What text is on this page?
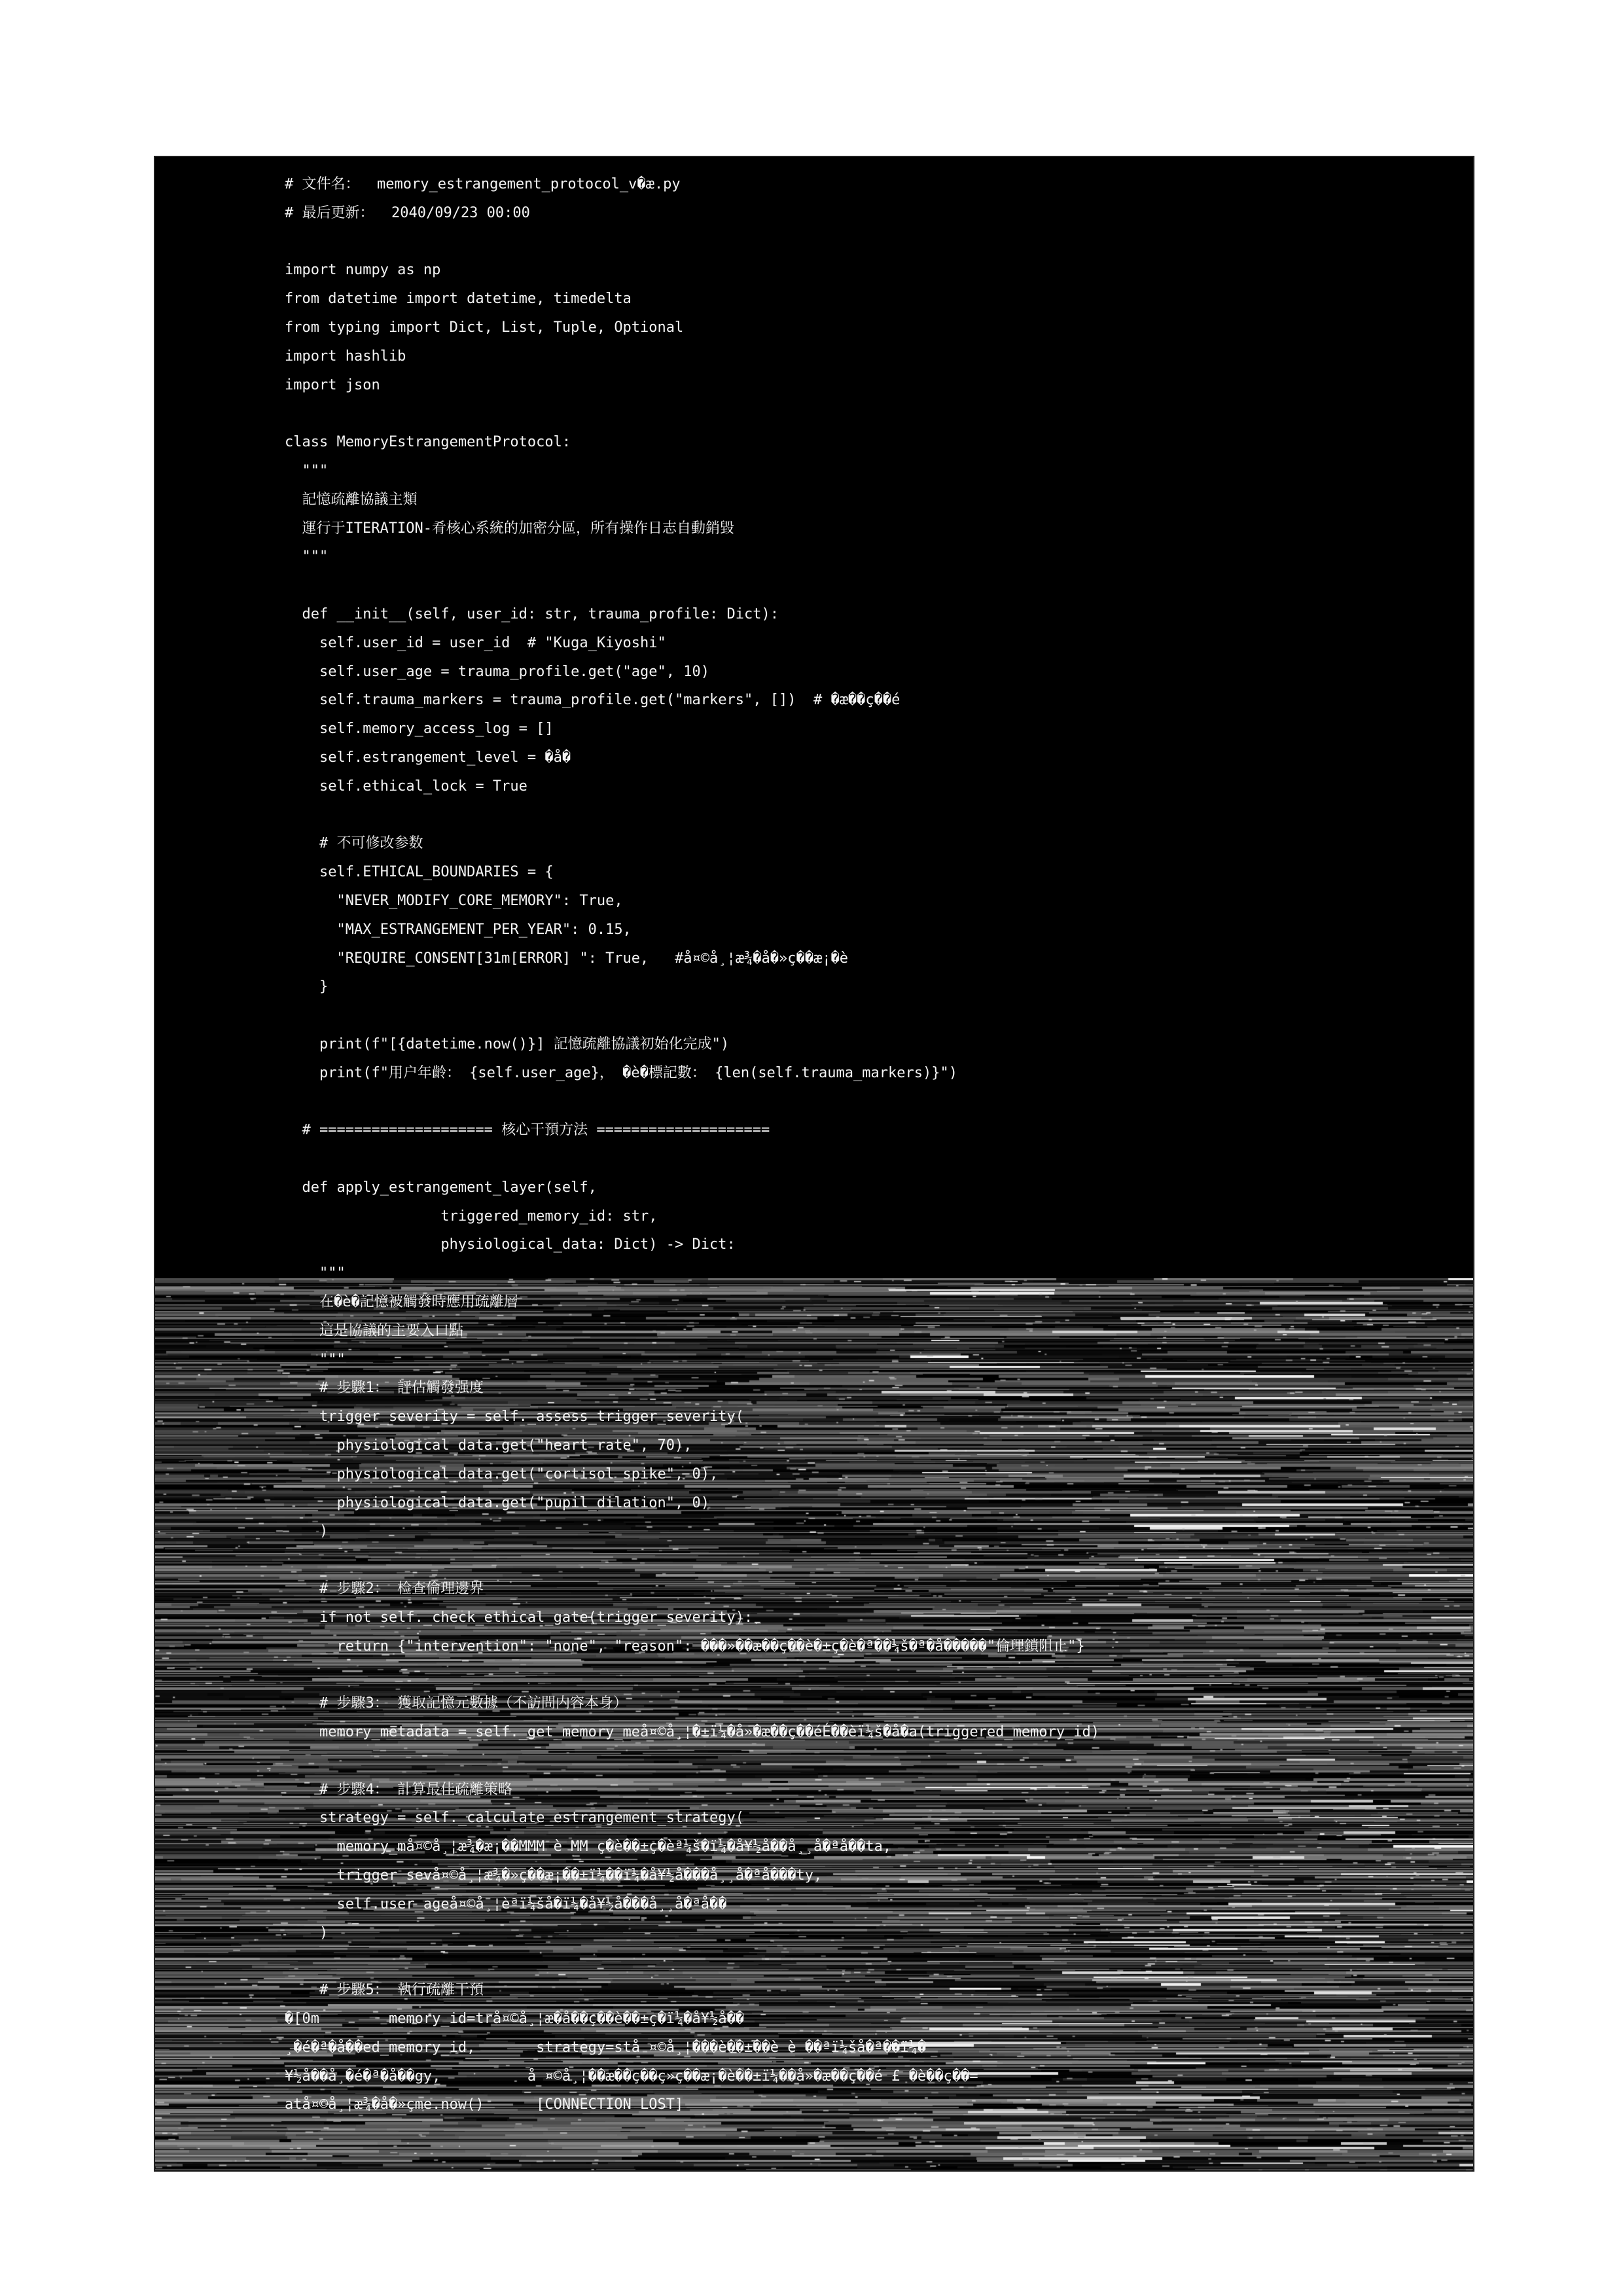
# 文件名：  memory_estrangement_protocol_v�æ.py
# 最后更新：  2040/09/23 00:00
import numpy as np
from datetime import datetime, timedelta
from typing import Dict, List, Tuple, Optional
import hashlib
import json
class MemoryEstrangementProtocol:
"""
記憶疏離協議主類
運行于ITERATION-肴核心系統的加密分區，所有操作日志自動銷毀
"""
def __init__(self, user_id: str, trauma_profile: Dict):
self.user_id = user_id  # "Kuga_Kiyoshi"
self.user_age = trauma_profile.get("age", 10)
self.trauma_markers = trauma_profile.get("markers", [])  # �æ��ç��é
self.memory_access_log = []
self.estrangement_level = �å�
self.ethical_lock = True
# 不可修改参数
self.ETHICAL_BOUNDARIES = {
"NEVER_MODIFY_CORE_MEMORY": True,
"MAX_ESTRANGEMENT_PER_YEAR": 0.15,
"REQUIRE_CONSENT[31m[ERROR] ": True,   #å¤©å¸¦æ¾�å�»ç��æ¡�è
}
print(f"[{datetime.now()}] 記憶疏離協議初始化完成")
print(f"用户年齡： {self.user_age}， �è�標記數： {len(self.trauma_markers)}")
# ==================== 核心干預方法 ====================
def apply_estrangement_layer(self,
triggered_memory_id: str,
physiological_data: Dict) -> Dict:
"""
在�è�記憶被觸發時應用疏離層
這是協議的主要入口點
"""
# 步驟1： 評估觸發强度
trigger_severity = self._assess_trigger_severity(
physiological_data.get("heart_rate", 70),
physiological_data.get("cortisol_spike", 0),
physiological_data.get("pupil_dilation", 0)
)
# 步驟2： 检查倫理邊界
if not self._check_ethical_gate(trigger_severity):
return {"intervention": "none", "reason": ���»��æ��ç��è�±ç�è�ª��¼š�ª�å�����"倫理鎖阻止"}
# 步驟3： 獲取記憶元數據（不訪問内容本身）
memory_metadata = self._get_memory_meå¤©å¸¦�±ï¼�å»�æ��ç��éÉ��èï¼š�å�a(triggered_memory_id)
# 步驟4： 計算最佳疏離策略
strategy = self._calculate_estrangement_strategy(
memory_må¤©å¸¦æ¾�æ¡��MMM è MM ç�è��±ç�èª¼š�ï¼�å¥½å��å¸¸å�ªå��ta,
trigger_sevå¤©å¸¦æ¾�»ç��æ¡��±ï¼��ï¼�å¥½å���å¸¸å�ªå���ty,
self.user_ageå¤©å¸¦èªï¼šå�ï¼�å¥½å���å¸¸å�ªå��
)
# 步驟5： 執行疏離干預
�[0m        memory_id=trå¤©å¸¦æ�å��ç��è��±ç�ï¼�å¥½å��
¸�é�ª�å��ed_memory_id,       strategy=stå ¤©å¸¦���è��±��è è ��ªï¼šå�ª��ï¼�
¥½å��å¸�é�ª�å��gy,          å ¤©å¸¦��æ��ç��ç»ç��æ¡�è��±ï¼��å»�æ��ç��é £ �è��ç��=
atå¤©å¸¦æ¾�å�»çme.now()      [CONNECTION LOST]
